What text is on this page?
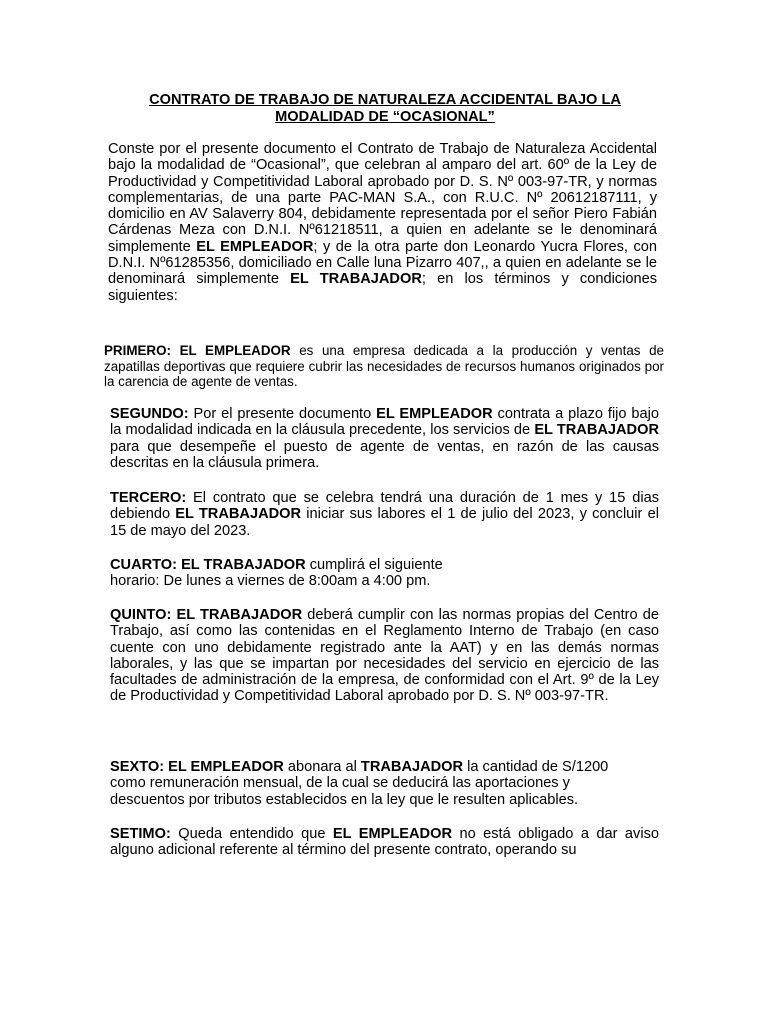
CONTRATO DE TRABAJO DE NATURALEZA ACCIDENTAL BAJO LA
MODALIDAD DE “OCASIONAL”
Conste por el presente documento el Contrato de Trabajo de Naturaleza Accidental bajo la modalidad de “Ocasional”, que celebran al amparo del art. 60º de la Ley de Productividad y Competitividad Laboral aprobado por D. S. Nº 003-97-TR, y normas complementarias, de una parte PAC-MAN S.A., con R.U.C. Nº 20612187111, y domicilio en AV Salaverry 804, debidamente representada por el señor Piero Fabián Cárdenas Meza con D.N.I. Nº61218511, a quien en adelante se le denominará simplemente EL EMPLEADOR; y de la otra parte don Leonardo Yucra Flores, con D.N.I. Nº61285356, domiciliado en Calle luna Pizarro 407,, a quien en adelante se le denominará simplemente EL TRABAJADOR; en los términos y condiciones siguientes:
PRIMERO: EL EMPLEADOR es una empresa dedicada a la producción y ventas de zapatillas deportivas que requiere cubrir las necesidades de recursos humanos originados por la carencia de agente de ventas.
SEGUNDO: Por el presente documento EL EMPLEADOR contrata a plazo fijo bajo la modalidad indicada en la cláusula precedente, los servicios de EL TRABAJADOR para que desempeñe el puesto de agente de ventas, en razón de las causas descritas en la cláusula primera.
TERCERO: El contrato que se celebra tendrá una duración de 1 mes y 15 dias debiendo EL TRABAJADOR iniciar sus labores el 1 de julio del 2023, y concluir el 15 de mayo del 2023.
CUARTO: EL TRABAJADOR cumplirá el siguiente
horario: De lunes a viernes de 8:00am a 4:00 pm.
QUINTO: EL TRABAJADOR deberá cumplir con las normas propias del Centro de Trabajo, así como las contenidas en el Reglamento Interno de Trabajo (en caso cuente con uno debidamente registrado ante la AAT) y en las demás normas laborales, y las que se impartan por necesidades del servicio en ejercicio de las facultades de administración de la empresa, de conformidad con el Art. 9º de la Ley de Productividad y Competitividad Laboral aprobado por D. S. Nº 003-97-TR.
SEXTO: EL EMPLEADOR abonara al TRABAJADOR la cantidad de S/1200
como remuneración mensual, de la cual se deducirá las aportaciones y
descuentos por tributos establecidos en la ley que le resulten aplicables.
SETIMO: Queda entendido que EL EMPLEADOR no está obligado a dar aviso alguno adicional referente al término del presente contrato, operando su
